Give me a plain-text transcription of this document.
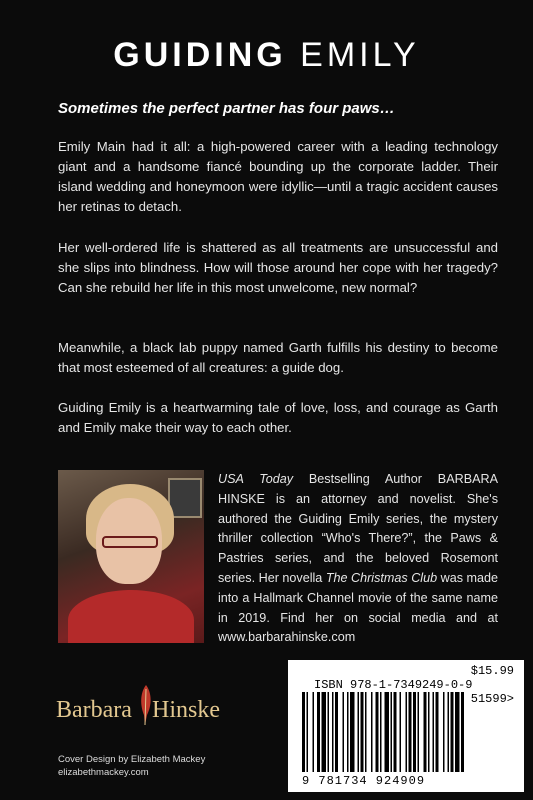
GUIDING EMILY
Sometimes the perfect partner has four paws…
Emily Main had it all: a high-powered career with a leading technology giant and a handsome fiancé bounding up the corporate ladder. Their island wedding and honeymoon were idyllic—until a tragic accident causes her retinas to detach.
Her well-ordered life is shattered as all treatments are unsuccessful and she slips into blindness. How will those around her cope with her tragedy? Can she rebuild her life in this most unwelcome, new normal?
Meanwhile, a black lab puppy named Garth fulfills his destiny to become that most esteemed of all creatures: a guide dog.
Guiding Emily is a heartwarming tale of love, loss, and courage as Garth and Emily make their way to each other.
USA Today Bestselling Author BARBARA HINSKE is an attorney and novelist. She's authored the Guiding Emily series, the mystery thriller collection “Who's There?”, the Paws & Pastries series, and the beloved Rosemont series. Her novella The Christmas Club was made into a Hallmark Channel movie of the same name in 2019. Find her on social media and at www.barbarahinske.com
Barbara Hinske
Cover Design by Elizabeth Mackey
elizabethmackey.com
$15.99
ISBN 978-1-7349249-0-9
51599>
9 781734 924909
